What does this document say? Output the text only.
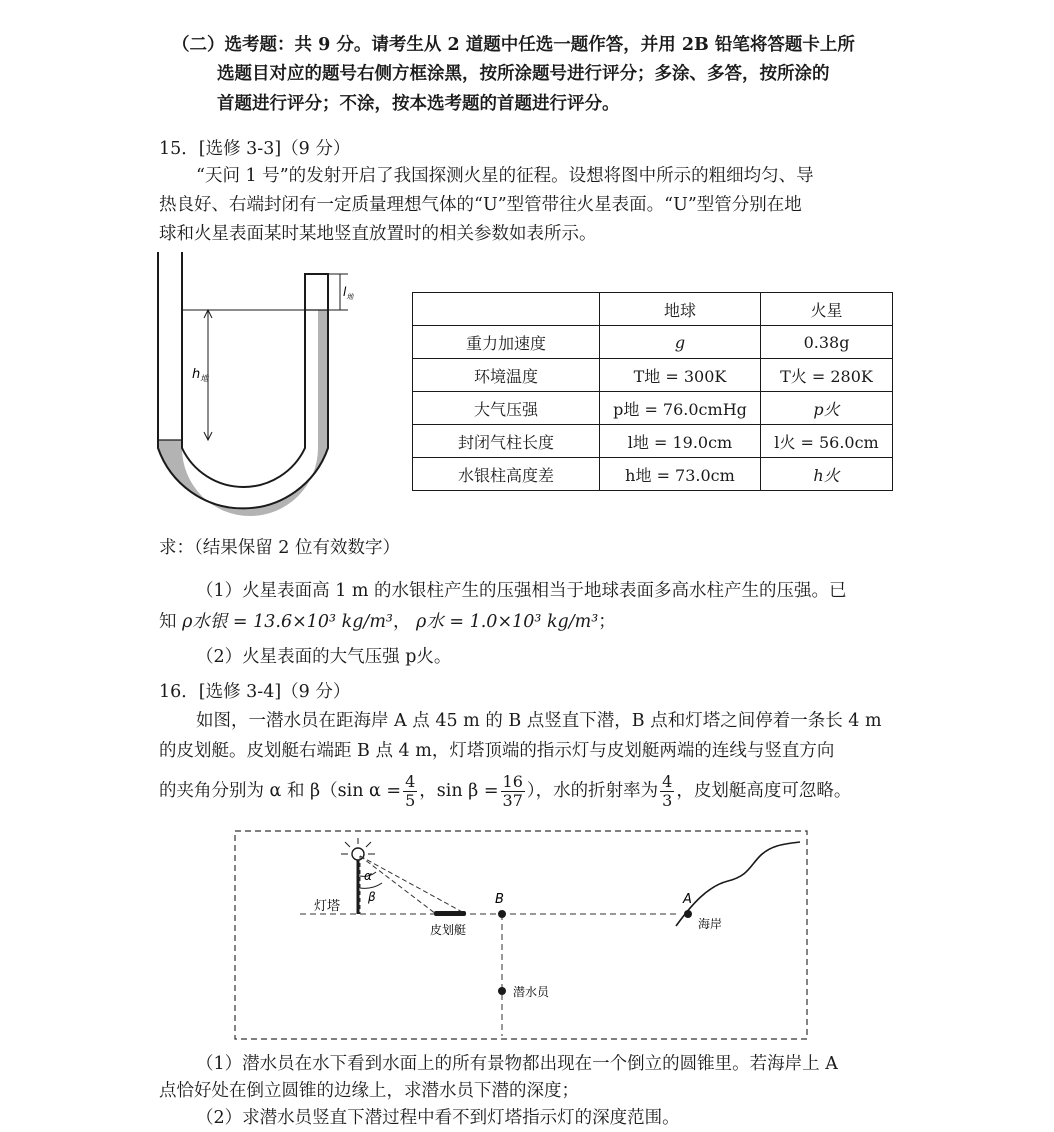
（二）选考题：共 9 分。请考生从 2 道题中任选一题作答，并用 2B 铅笔将答题卡上所
选题目对应的题号右侧方框涂黑，按所涂题号进行评分；多涂、多答，按所涂的
首题进行评分；不涂，按本选考题的首题进行评分。
15．[选修 3-3]（9 分）
“天问 1 号”的发射开启了我国探测火星的征程。设想将图中所示的粗细均匀、导
热良好、右端封闭有一定质量理想气体的“U”型管带往火星表面。“U”型管分别在地
球和火星表面某时某地竖直放置时的相关参数如表所示。
$h_地$
$l_地$
	地球	火星
重力加速度	g	0.38g
环境温度	T地 = 300K	T火 = 280K
大气压强	p地 = 76.0cmHg	p火
封闭气柱长度	l地 = 19.0cm	l火 = 56.0cm
水银柱高度差	h地 = 73.0cm	h火
求：（结果保留 2 位有效数字）
（1）火星表面高 1 m 的水银柱产生的压强相当于地球表面多高水柱产生的压强。已
知 ρ水银 = 13.6×10³ kg/m³， ρ水 = 1.0×10³ kg/m³；
（2）火星表面的大气压强 p火。
16．[选修 3-4]（9 分）
如图，一潜水员在距海岸 A 点 45 m 的 B 点竖直下潜，B 点和灯塔之间停着一条长 4 m
的皮划艇。皮划艇右端距 B 点 4 m，灯塔顶端的指示灯与皮划艇两端的连线与竖直方向
的夹角分别为 α 和 β（sin $\alpha = \frac{4}{5}$ ，$\sin \beta = \frac{16}{37}$ ），水的折射率为 $\frac{4}{3}$ ，皮划艇高度可忽略。
α
β
灯塔
皮划艇
B	A
海岸
潜水员
（1）潜水员在水下看到水面上的所有景物都出现在一个倒立的圆锥里。若海岸上 A
点恰好处在倒立圆锥的边缘上，求潜水员下潜的深度；
（2）求潜水员竖直下潜过程中看不到灯塔指示灯的深度范围。
